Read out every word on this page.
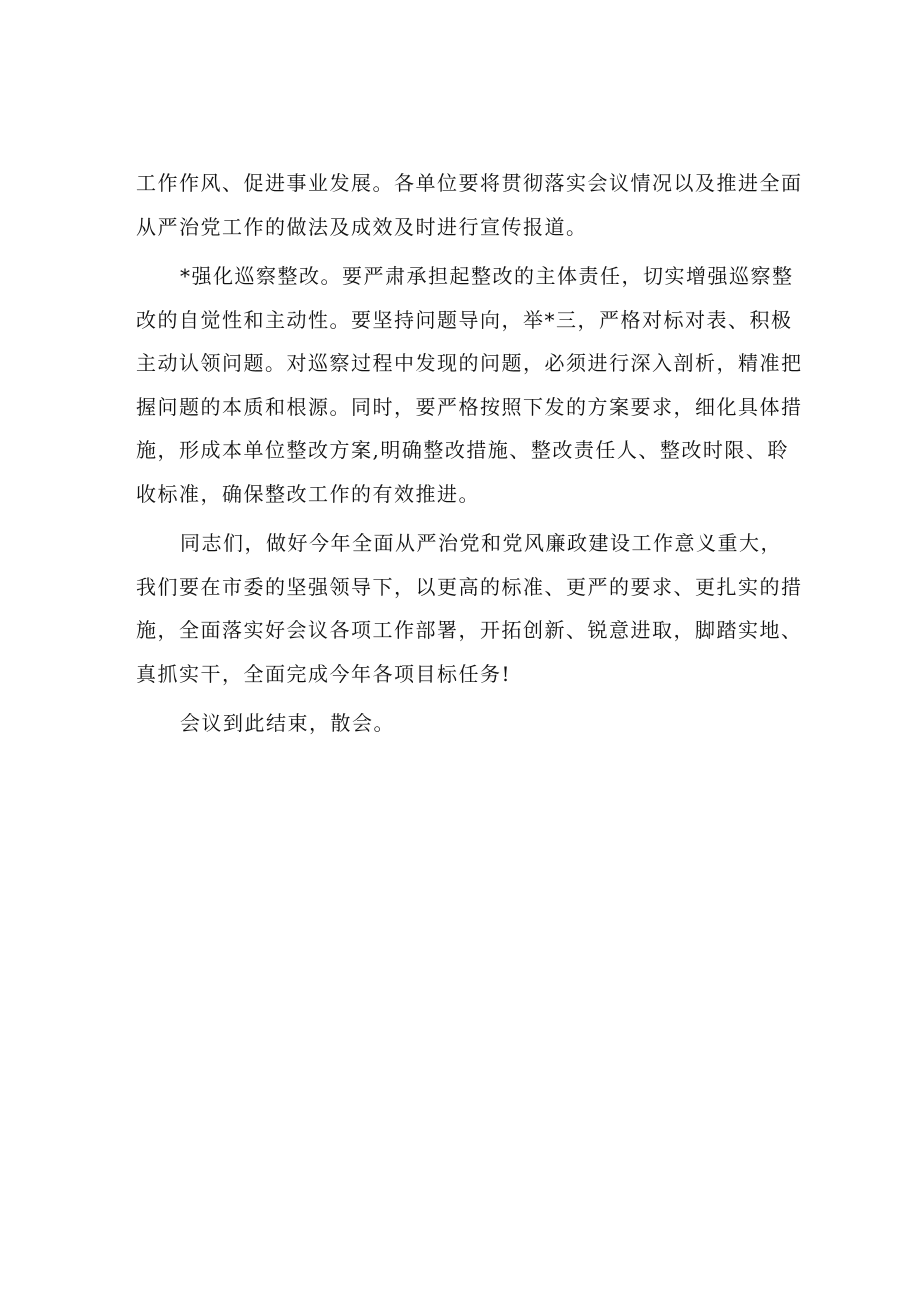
工作作风、促进事业发展。各单位要将贯彻落实会议情况以及推进全面
从严治党工作的做法及成效及时进行宣传报道。

*强化巡察整改。要严肃承担起整改的主体责任，切实增强巡察整
改的自觉性和主动性。要坚持问题导向，举*三，严格对标对表、积极
主动认领问题。对巡察过程中发现的问题，必须进行深入剖析，精准把
握问题的本质和根源。同时，要严格按照下发的方案要求，细化具体措
施，形成本单位整改方案,明确整改措施、整改责任人、整改时限、聆
收标准，确保整改工作的有效推进。

同志们，做好今年全面从严治党和党风廉政建设工作意义重大，
我们要在市委的坚强领导下，以更高的标准、更严的要求、更扎实的措
施，全面落实好会议各项工作部署，开拓创新、锐意进取，脚踏实地、
真抓实干，全面完成今年各项目标任务!

会议到此结束，散会。
